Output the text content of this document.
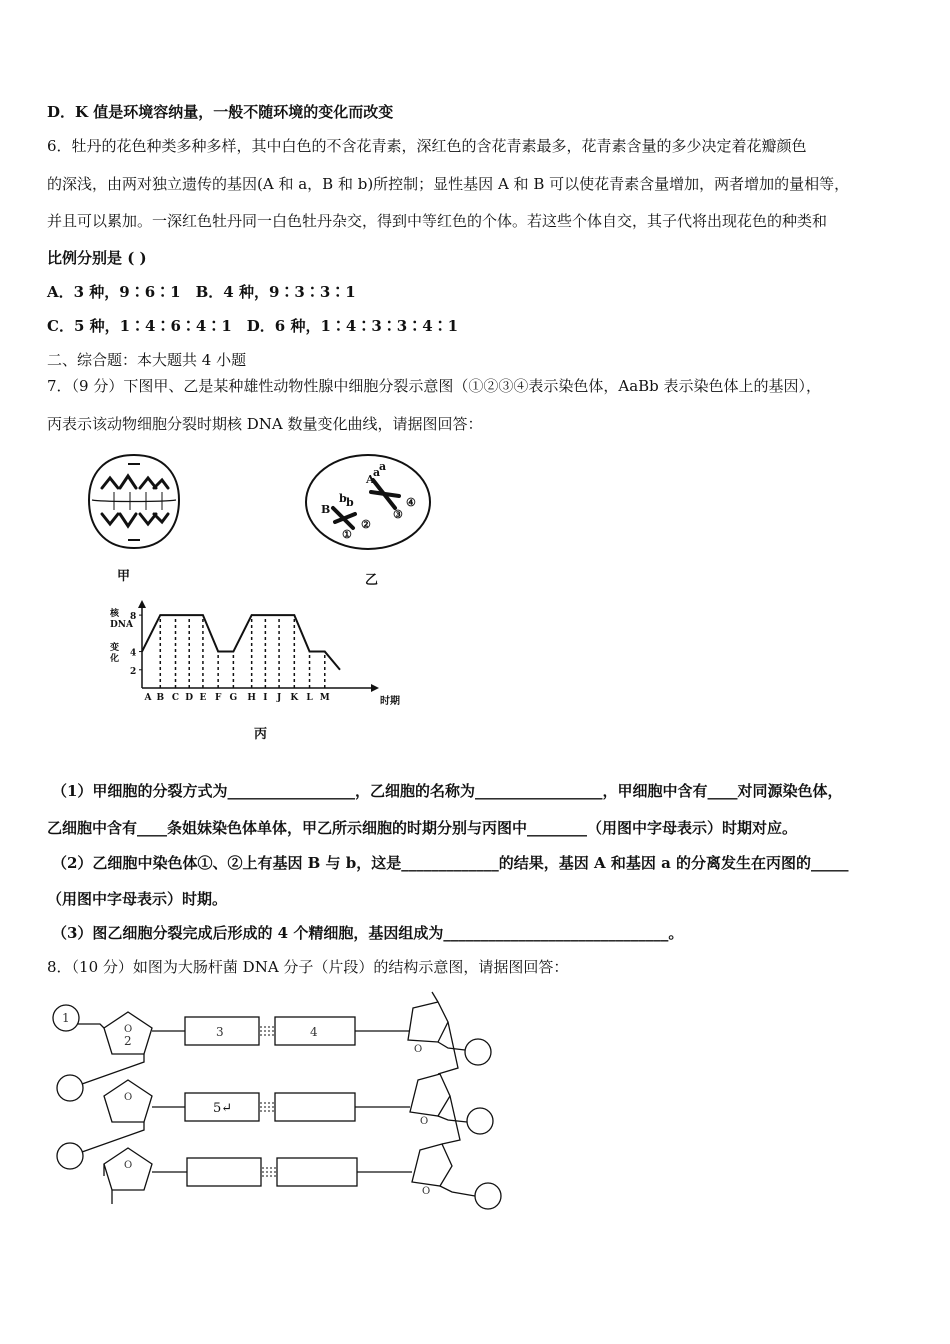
D．K 值是环境容纳量，一般不随环境的变化而改变
6．牡丹的花色种类多种多样，其中白色的不含花青素，深红色的含花青素最多，花青素含量的多少决定着花瓣颜色
的深浅，由两对独立遗传的基因(A 和 a，B 和 b)所控制；显性基因 A 和 B 可以使花青素含量增加，两者增加的量相等，
并且可以累加。一深红色牡丹同一白色牡丹杂交，得到中等红色的个体。若这些个体自交，其子代将出现花色的种类和
比例分别是 ( )
A．3 种，9∶6∶1　B．4 种，9∶3∶3∶1
C．5 种，1∶4∶6∶4∶1　D．6 种，1∶4∶3∶3∶4∶1
二、综合题：本大题共 4 小题
7．（9 分）下图甲、乙是某种雄性动物性腺中细胞分裂示意图（①②③④表示染色体，AaBb 表示染色体上的基因），
丙表示该动物细胞分裂时期核 DNA 数量变化曲线，请据图回答：
甲
A
a
a
B
b b
①
②
③
④
乙
核
DNA
变
化
2
4
8
A B C D E F G H I J K L M	时期
丙
（1）甲细胞的分裂方式为_________________，乙细胞的名称为_________________，甲细胞中含有____对同源染色体，
乙细胞中含有____条姐妹染色体单体，甲乙所示细胞的时期分别与丙图中________（用图中字母表示）时期对应。
（2）乙细胞中染色体①、②上有基因 B 与 b，这是_____________的结果，基因 A 和基因 a 的分离发生在丙图的_____
（用图中字母表示）时期。
（3）图乙细胞分裂完成后形成的 4 个精细胞，基因组成为______________________________。
8．（10 分）如图为大肠杆菌 DNA 分子（片段）的结构示意图，请据图回答：
1
2
3	4
5↵
O
O
O
O
O
O
